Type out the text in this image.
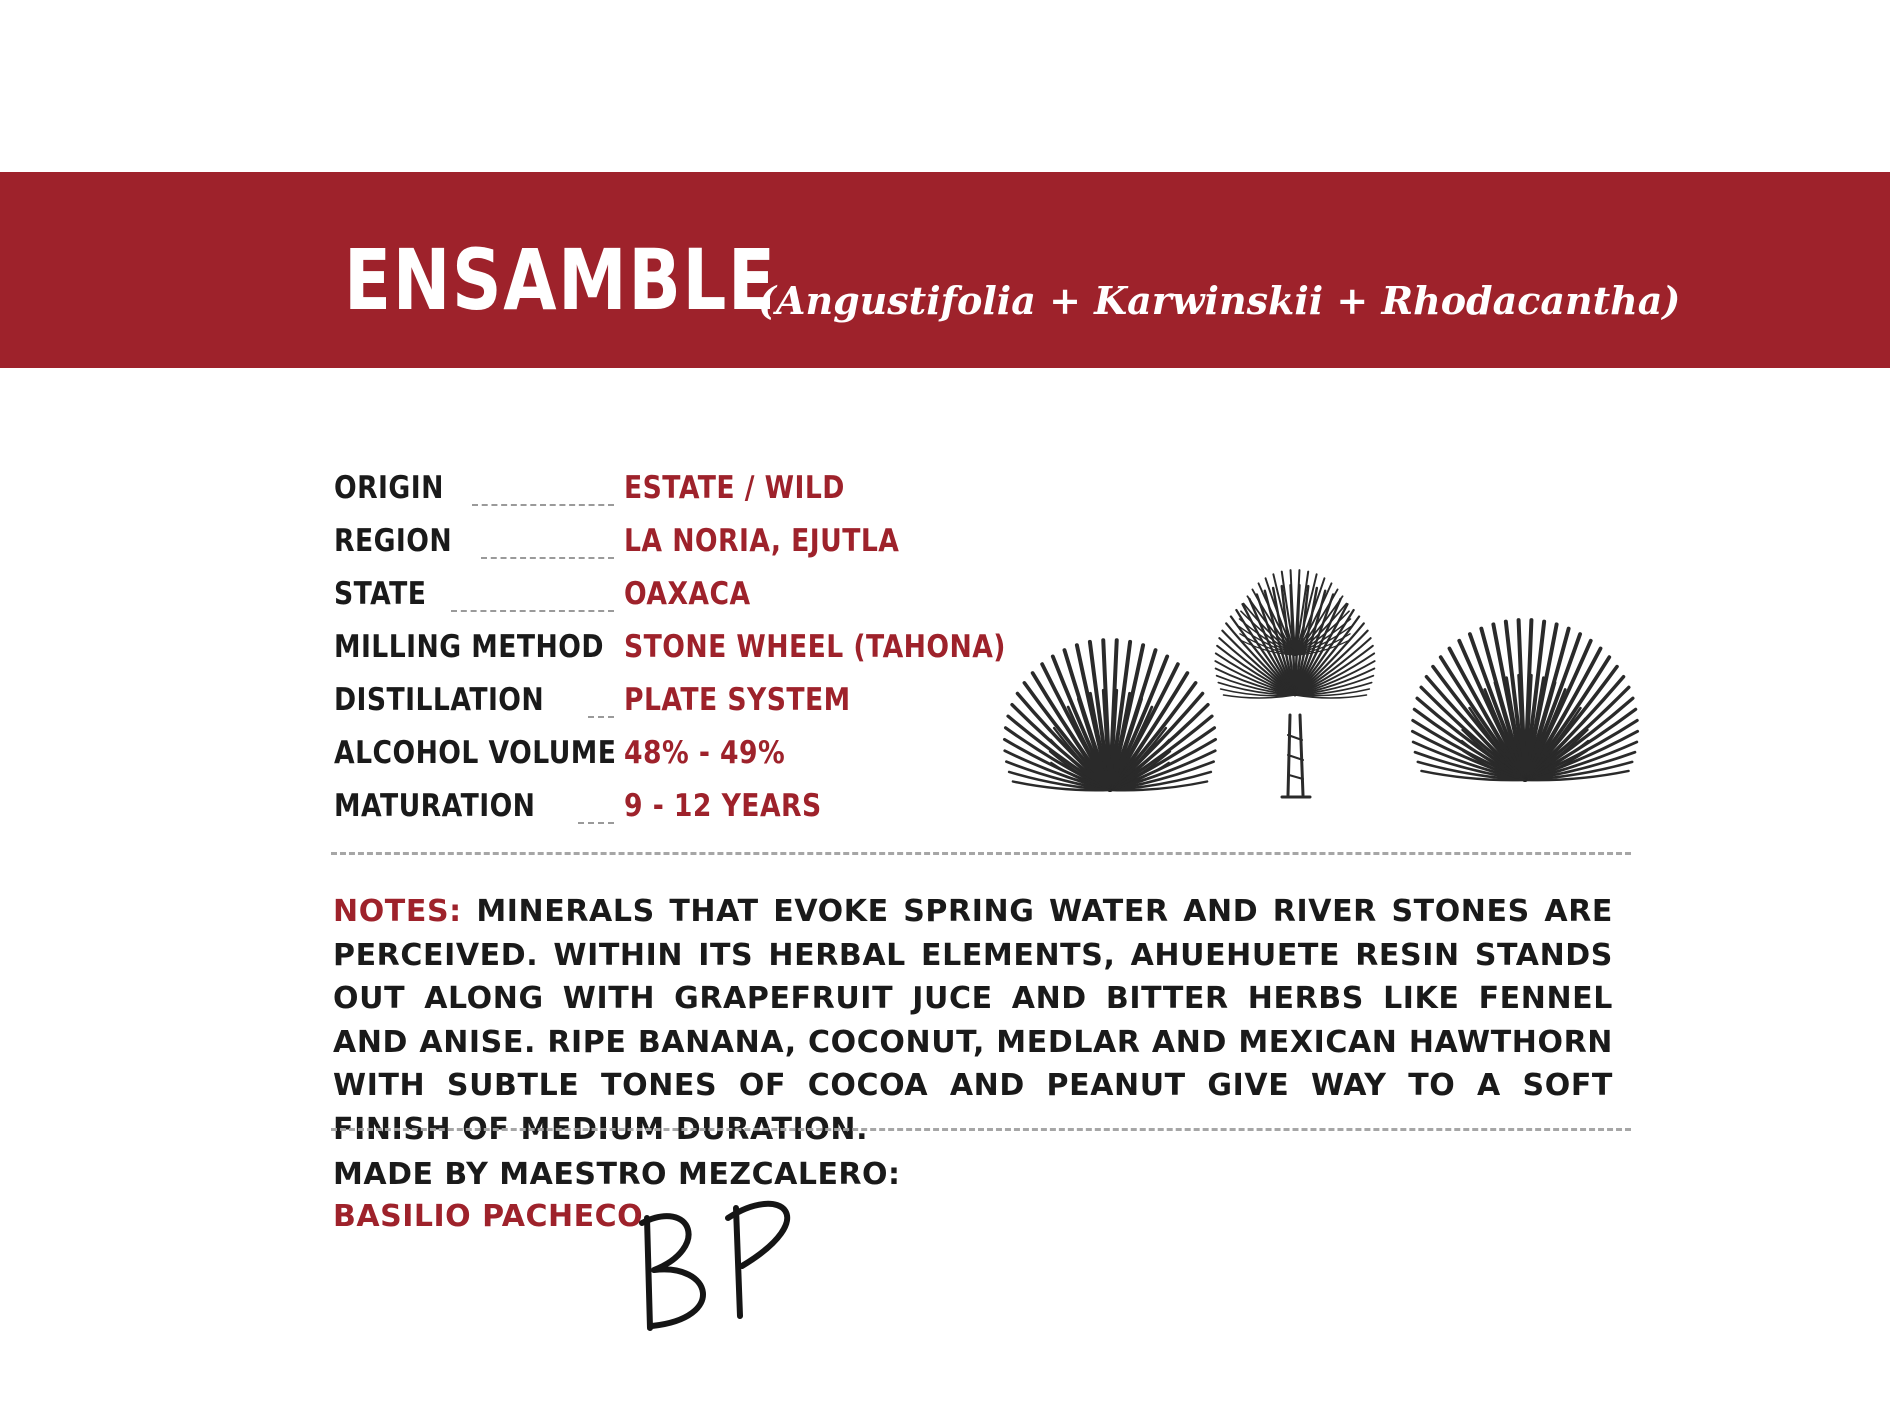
ENSAMBLE
(Angustifolia + Karwinskii + Rhodacantha)
ORIGIN	ESTATE / WILD
REGION	LA NORIA, EJUTLA
STATE	OAXACA
MILLING METHOD STONE WHEEL (TAHONA)
DISTILLATION	PLATE SYSTEM
ALCOHOL VOLUME 48% - 49%
MATURATION	9 - 12 YEARS
NOTES: MINERALS THAT EVOKE SPRING WATER AND RIVER STONES ARE PERCEIVED. WITHIN ITS HERBAL ELEMENTS, AHUEHUETE RESIN STANDS OUT ALONG WITH GRAPEFRUIT JUCE AND BITTER HERBS LIKE FENNEL AND ANISE. RIPE BANANA, COCONUT, MEDLAR AND MEXICAN HAWTHORN WITH SUBTLE TONES OF COCOA AND PEANUT GIVE WAY TO A SOFT FINISH OF MEDIUM DURATION.
MADE BY MAESTRO MEZCALERO:
BASILIO PACHECO
